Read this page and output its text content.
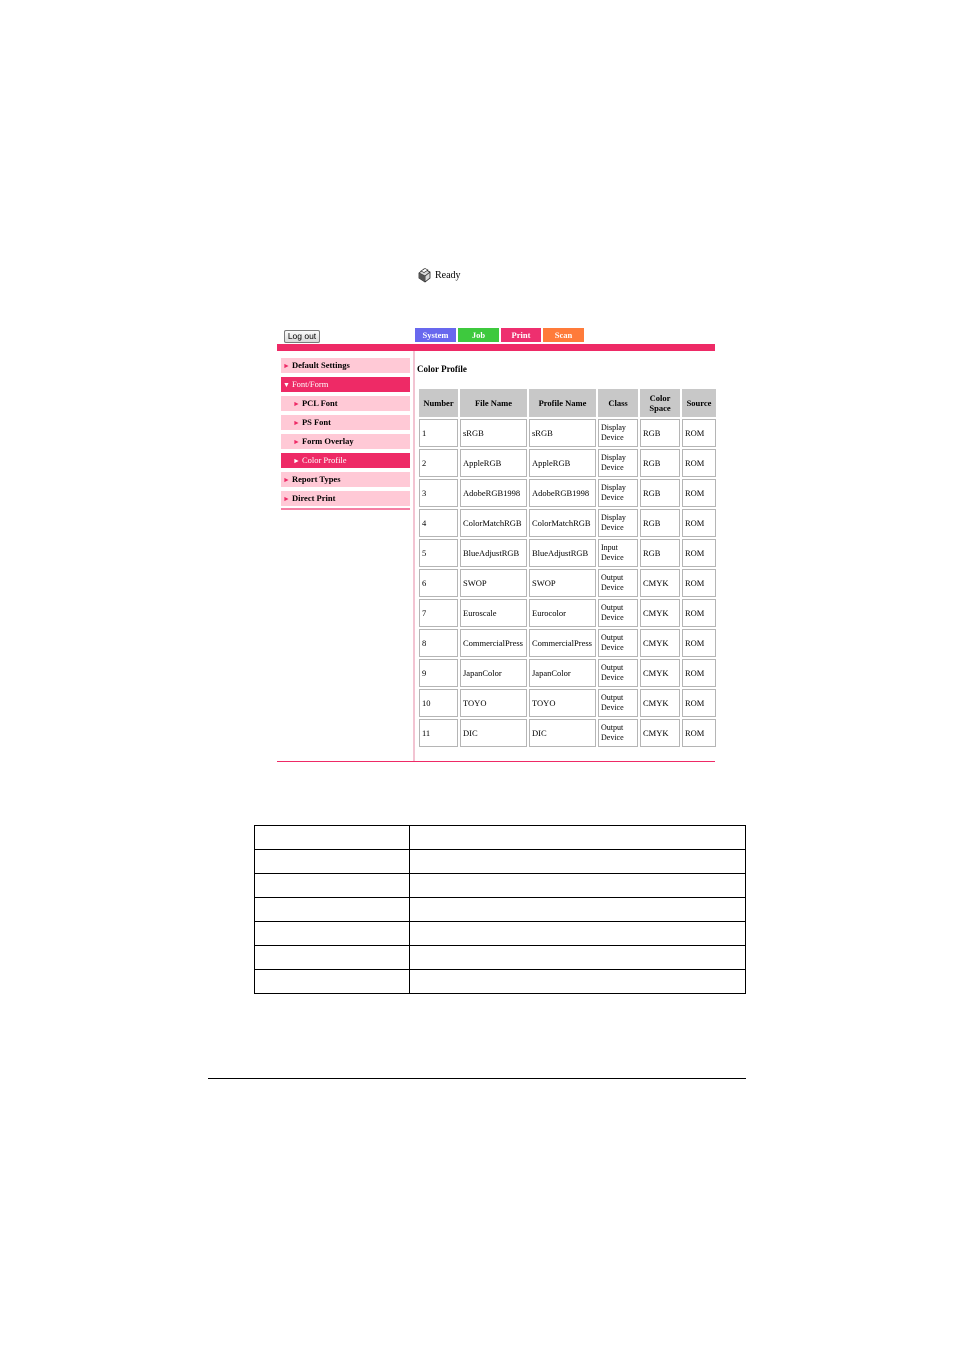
Ready
Log out	System	Job	Print	Scan
► Default Settings
▼ Font/Form
► PCL Font
► PS Font
► Form Overlay
► Color Profile
► Report Types
► Direct Print
Color Profile
Number	File Name	Profile Name	Class	Color Space	Source
1	sRGB	sRGB	Display Device	RGB	ROM
2	AppleRGB	AppleRGB	Display Device	RGB	ROM
3	AdobeRGB1998	AdobeRGB1998	Display Device	RGB	ROM
4	ColorMatchRGB	ColorMatchRGB	Display Device	RGB	ROM
5	BlueAdjustRGB	BlueAdjustRGB	Input Device	RGB	ROM
6	SWOP	SWOP	Output Device	CMYK	ROM
7	Euroscale	Eurocolor	Output Device	CMYK	ROM
8	CommercialPress	CommercialPress	Output Device	CMYK	ROM
9	JapanColor	JapanColor	Output Device	CMYK	ROM
10	TOYO	TOYO	Output Device	CMYK	ROM
11	DIC	DIC	Output Device	CMYK	ROM
